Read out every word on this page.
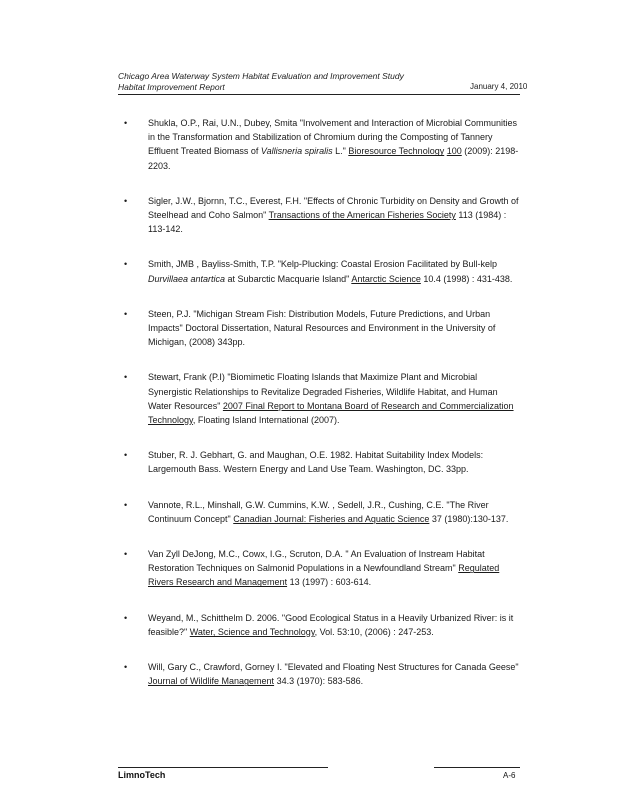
Chicago Area Waterway System Habitat Evaluation and Improvement Study
Habitat Improvement Report	January 4, 2010
• Shukla, O.P., Rai, U.N., Dubey, Smita "Involvement and Interaction of Microbial Communities in the Transformation and Stabilization of Chromium during the Composting of Tannery Effluent Treated Biomass of Vallisneria spiralis L." Bioresource Technology 100 (2009): 2198-2203.
• Sigler, J.W., Bjornn, T.C., Everest, F.H. "Effects of Chronic Turbidity on Density and Growth of Steelhead and Coho Salmon" Transactions of the American Fisheries Society 113 (1984) : 113-142.
• Smith, JMB , Bayliss-Smith, T.P. "Kelp-Plucking: Coastal Erosion Facilitated by Bull-kelp Durvillaea antartica at Subarctic Macquarie Island" Antarctic Science 10.4 (1998) : 431-438.
• Steen, P.J. "Michigan Stream Fish: Distribution Models, Future Predictions, and Urban Impacts" Doctoral Dissertation, Natural Resources and Environment in the University of Michigan, (2008) 343pp.
• Stewart, Frank (P.I) "Biomimetic Floating Islands that Maximize Plant and Microbial Synergistic Relationships to Revitalize Degraded Fisheries, Wildlife Habitat, and Human Water Resources" 2007 Final Report to Montana Board of Research and Commercialization Technology, Floating Island International (2007).
• Stuber, R. J. Gebhart, G. and Maughan, O.E. 1982. Habitat Suitability Index Models: Largemouth Bass. Western Energy and Land Use Team. Washington, DC. 33pp.
• Vannote, R.L., Minshall, G.W. Cummins, K.W. , Sedell, J.R., Cushing, C.E. "The River Continuum Concept" Canadian Journal: Fisheries and Aquatic Science 37 (1980):130-137.
• Van Zyll DeJong, M.C., Cowx, I.G., Scruton, D.A. " An Evaluation of Instream Habitat Restoration Techniques on Salmonid Populations in a Newfoundland Stream" Regulated Rivers Research and Management 13 (1997) : 603-614.
• Weyand, M., Schitthelm D. 2006. "Good Ecological Status in a Heavily Urbanized River: is it feasible?" Water, Science and Technology, Vol. 53:10, (2006) : 247-253.
• Will, Gary C., Crawford, Gorney I. "Elevated and Floating Nest Structures for Canada Geese" Journal of Wildlife Management 34.3 (1970): 583-586.
LimnoTech	A-6
